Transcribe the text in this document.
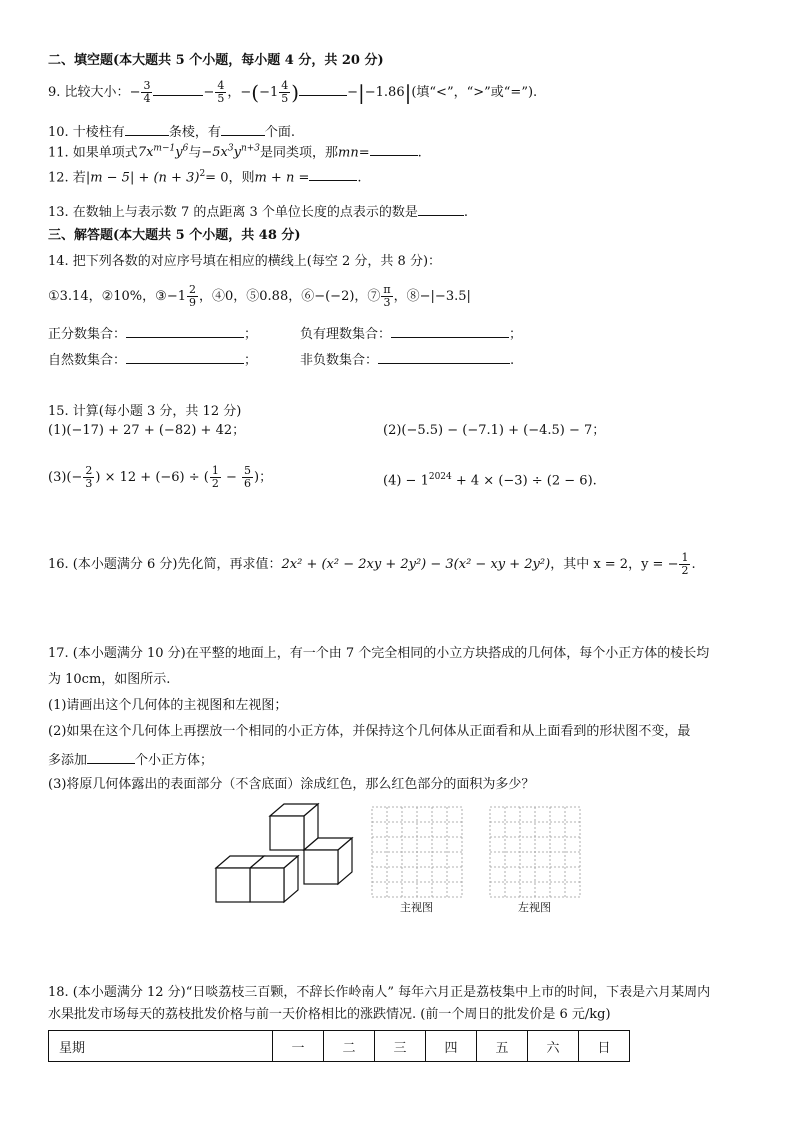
二、填空题(本大题共 5 个小题，每小题 4 分，共 20 分)
9. 比较大小：− $\frac{3}{4}$	− $\frac{4}{5}$ ，$-(-1 \frac{4}{5}$ )	−|−1.86|(填“<”，“>”或“=”).
10. 十棱柱有	条棱，有	个面.
11. 如果单项式$7x^{m-1}y^6$与$-5x^3y^{n+3}$是同类项，那mn=	.
12. 若$|m - 5| + (n + 3)^2= 0$，则m + n =	.
13. 在数轴上与表示数 7 的点距离 3 个单位长度的点表示的数是	.
三、解答题(本大题共 5 个小题，共 48 分)
14. 把下列各数的对应序号填在相应的横线上(每空 2 分，共 8 分)：
①3.14，②10%，③−1 $\frac{2}{9}$ ，④0，⑤0.88̇，⑥−(−2)，⑦ $\frac{\pi}{3}$ ，⑧−|−3.5|
正分数集合：	；	负有理数集合：	；
自然数集合：	；	非负数集合：	.
15. 计算(每小题 3 分，共 12 分)
(1)(−17) + 27 + (−82) + 42；	(2)(−5.5) − (−7.1) + (−4.5) − 7；
$(3)(- \frac{2}{3}$ ) × 12 + (−6) ÷ ( $\frac{1}{2} - \frac{5}{6}$ )；	$(4) - 1^{2024} + 4 \times (-3) \div (2 - 6)$.
16. (本小题满分 6 分)先化简，再求值：2x² + (x² − 2xy + 2y²) − 3(x² − xy + 2y²)，其中 x = 2，y = − $\frac{1}{2}$ .
17. (本小题满分 10 分)在平整的地面上，有一个由 7 个完全相同的小立方块搭成的几何体，每个小正方体的棱长均
为 10cm，如图所示.
(1)请画出这个几何体的主视图和左视图；
(2)如果在这个几何体上再摆放一个相同的小正方体，并保持这个几何体从正面看和从上面看到的形状图不变，最
多添加	个小正方体；
(3)将原几何体露出的表面部分（不含底面）涂成红色，那么红色部分的面积为多少？
主视图	左视图
18. (本小题满分 12 分)“日啖荔枝三百颗，不辞长作岭南人” 每年六月正是荔枝集中上市的时间，下表是六月某周内
水果批发市场每天的荔枝批发价格与前一天价格相比的涨跌情况. (前一个周日的批发价是 6 元/kg)
星期	一	二	三	四	五	六	日
